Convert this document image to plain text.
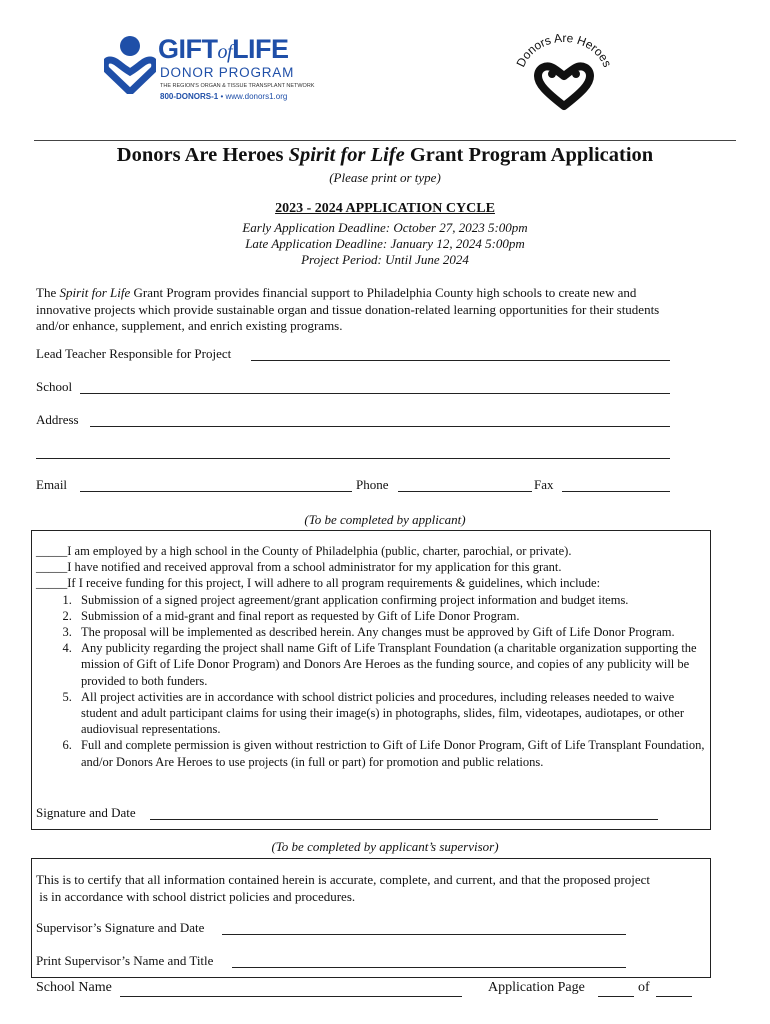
GIFTofLIFE
DONOR PROGRAM
THE REGION'S ORGAN & TISSUE TRANSPLANT NETWORK
800-DONORS-1 • www.donors1.org
Donors Are Heroes
Donors Are Heroes Spirit for Life Grant Program Application
(Please print or type)
2023 - 2024 APPLICATION CYCLE
Early Application Deadline: October 27, 2023 5:00pm
Late Application Deadline: January 12, 2024 5:00pm
Project Period: Until June 2024
The Spirit for Life Grant Program provides financial support to Philadelphia County high schools to create new and
innovative projects which provide sustainable organ and tissue donation-related learning opportunities for their students
and/or enhance, supplement, and enrich existing programs.
Lead Teacher Responsible for Project
School
Address
Email	Phone	Fax
(To be completed by applicant)
_____I am employed by a high school in the County of Philadelphia (public, charter, parochial, or private).
_____I have notified and received approval from a school administrator for my application for this grant.
_____If I receive funding for this project, I will adhere to all program requirements & guidelines, which include:
1. Submission of a signed project agreement/grant application confirming project information and budget items.
2. Submission of a mid-grant and final report as requested by Gift of Life Donor Program.
3. The proposal will be implemented as described herein. Any changes must be approved by Gift of Life Donor Program.
4. Any publicity regarding the project shall name Gift of Life Transplant Foundation (a charitable organization supporting the mission of Gift of Life Donor Program) and Donors Are Heroes as the funding source, and copies of any publicity will be provided to both funders.
5. All project activities are in accordance with school district policies and procedures, including releases needed to waive student and adult participant claims for using their image(s) in photographs, slides, film, videotapes, audiotapes, or other audiovisual representations.
6. Full and complete permission is given without restriction to Gift of Life Donor Program, Gift of Life Transplant Foundation, and/or Donors Are Heroes to use projects (in full or part) for promotion and public relations.
Signature and Date
(To be completed by applicant’s supervisor)
This is to certify that all information contained herein is accurate, complete, and current, and that the proposed project
is in accordance with school district policies and procedures.
Supervisor’s Signature and Date
Print Supervisor’s Name and Title
School Name	Application Page	of
